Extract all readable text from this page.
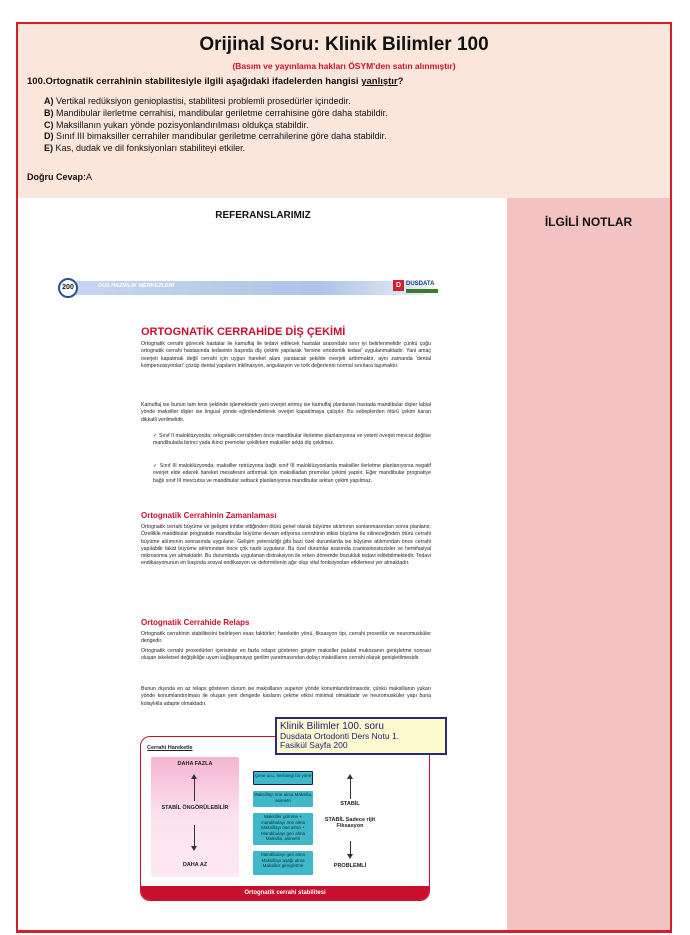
Orijinal Soru: Klinik Bilimler 100
(Basım ve yayınlama hakları ÖSYM'den satın alınmıştır)
100.Ortognatik cerrahinin stabilitesiyle ilgili aşağıdaki ifadelerden hangisi yanlıştır?
A) Vertikal redüksiyon genioplastisi, stabilitesi problemli prosedürler içindedir.
B) Mandibular ilerletme cerrahisi, mandibular geriletme cerrahisine göre daha stabildir.
C) Maksillanın yukarı yönde pozisyonlandırılması oldukça stabildir.
D) Sınıf III bimaksiller cerrahiler mandibular geriletme cerrahilerine göre daha stabildir.
E) Kas, dudak ve dil fonksiyonları stabiliteyi etkiler.
Doğru Cevap:A
REFERANSLARIMIZ	İLGİLİ NOTLAR
200	DUS HAZIRLIK MERKEZLERİ	D DUSDATA
ORTOGNATİK CERRAHİDE DİŞ ÇEKİMİ
Ortognatik cerrahi görecek hastalar ile kamuflaj ile tedavi edilecek hastalar arasındaki sınır iyi belirlenmelidir çünkü çoğu ortognatik cerrahi hastasında tedavinin başında diş çekimi yapılarak 'tersine ortodontik tedavi' uygulanmaktadır. Yani amaç overjeti kapatmak değil cerrahi için uygun hareket alanı yaratacak şekilde overjeti arttırmaktır, aynı zamanda 'dental kompenzasyonları' çözüp dental yapıların inklinasyon, angulasyon ve tork değerlerini normal sınırlara taşımaktır.
Kamuflaj ise bunun tam tersi şeklinde işlemektedir yani overjet artmış ise kamuflaj planlanan hastada mandibular dişler labial yönde maksiller dişler ise lingual yönde eğimlendirilerek overjet kapatılmaya çalışılır. Bu sebeplerden ötürü çekim kararı dikkatli verilmelidir.
✓ Sınıf II maloklüzyonda; ortognatik cerrahiden önce mandibular ilerletme planlanıyorsa ve yeterli overjet mevcut değilse mandibulada birinci yada ikinci premolar çekilirken maksiller arkta diş çekilmez.
✓ Sınıf III maloklüzyonda; maksiller retrüzyona bağlı sınıf III maloklüzyonlarda maksiller ilerletme planlanıyorsa negatif overjet elde ederek hareket mesafesini arttırmak için maksilladan premolar çekimi yapılır. Eğer mandibular prognatiye bağlı sınıf III mevcutsa ve mandibular setback planlanıyorsa mandibular arktan çekim yapılmaz.
Ortognatik Cerrahinin Zamanlaması
Ortognatik cerrahi büyüme ve gelişimi inhibe ettiğinden ötürü genel olarak büyüme atılımının sonlanmasından sonra planlanır. Özellikle mandibular prognatide mandibular büyüme devam ediyorsa cerrahinin etkisi büyüme ile silineceğinden ötürü cerrahi büyüme atılımının sonrasında uygulanır. Gelişim yetersizliği gibi bazı özel durumlarda ise büyüme atılımından önce cerrahi yapılabilir fakat büyüme atılımından önce çok nadir uygulanır. Bu özel durumlar arasında craniosinostozisler ve hemifasiyal mikrosomia yer almaktadır. Bu durumlarda uygulanan distraksiyon ile erken dönemde bozukluk tedavi edilebilmektedir. Tedavi endikasyonunun en başında sosyal endikasyon ve deformitenin ağır olup vital fonksiyonları etkilemesi yer almaktadır.
Ortognatik Cerrahide Relaps
Ortognatik cerrahinin stabilitesini belirleyen esas faktörler; hareketin yönü, fiksasyon tipi, cerrahi prosedür ve neuromusküler dengedir.
Ortognatik cerrahi prosedürleri içerisinde en fazla relaps gösteren girişim maksiller palatal mukozanın genişletme sonrası oluşan iskeletsel değişikliğe uyum sağlayamayıp gerilim yaratmasından dolayı maksillanın cerrahi olarak genişletilmesidir.
Bunun dışında en az relaps gösteren durum ise maksillanın superior yönde konumlandırılmasıdır, çünkü maksillanın yukarı yönde konumlandırılması ile oluşan yeni dengede kasların çekme etkisi minimal olmaktadır ve neuromusküler yapı buna kolaylıkla adapte olmaktadır.
Cerrahi Hareketle
DAHA FAZLA
STABİL ÖNGÖRÜLEBİLİR
DAHA AZ
Çene ucu, herhangi bir yöne
Maksillayı öne alma Maksilla, asimetri
Maksiller gömme + mandibulayı öne alma Maksillayı öne alma + Mandibulayı geri alma Maksilla, asimetri
Mandibulayı geri alma Maksillayı aşağı alma Maksiller genişletme
STABİL
STABİL Sadece rijit Fiksasyon
PROBLEMLİ
Ortognatik cerrahi stabilitesi
Klinik Bilimler 100. soru
Dusdata Ortodonti Ders Notu 1.
Fasikül Sayfa 200
